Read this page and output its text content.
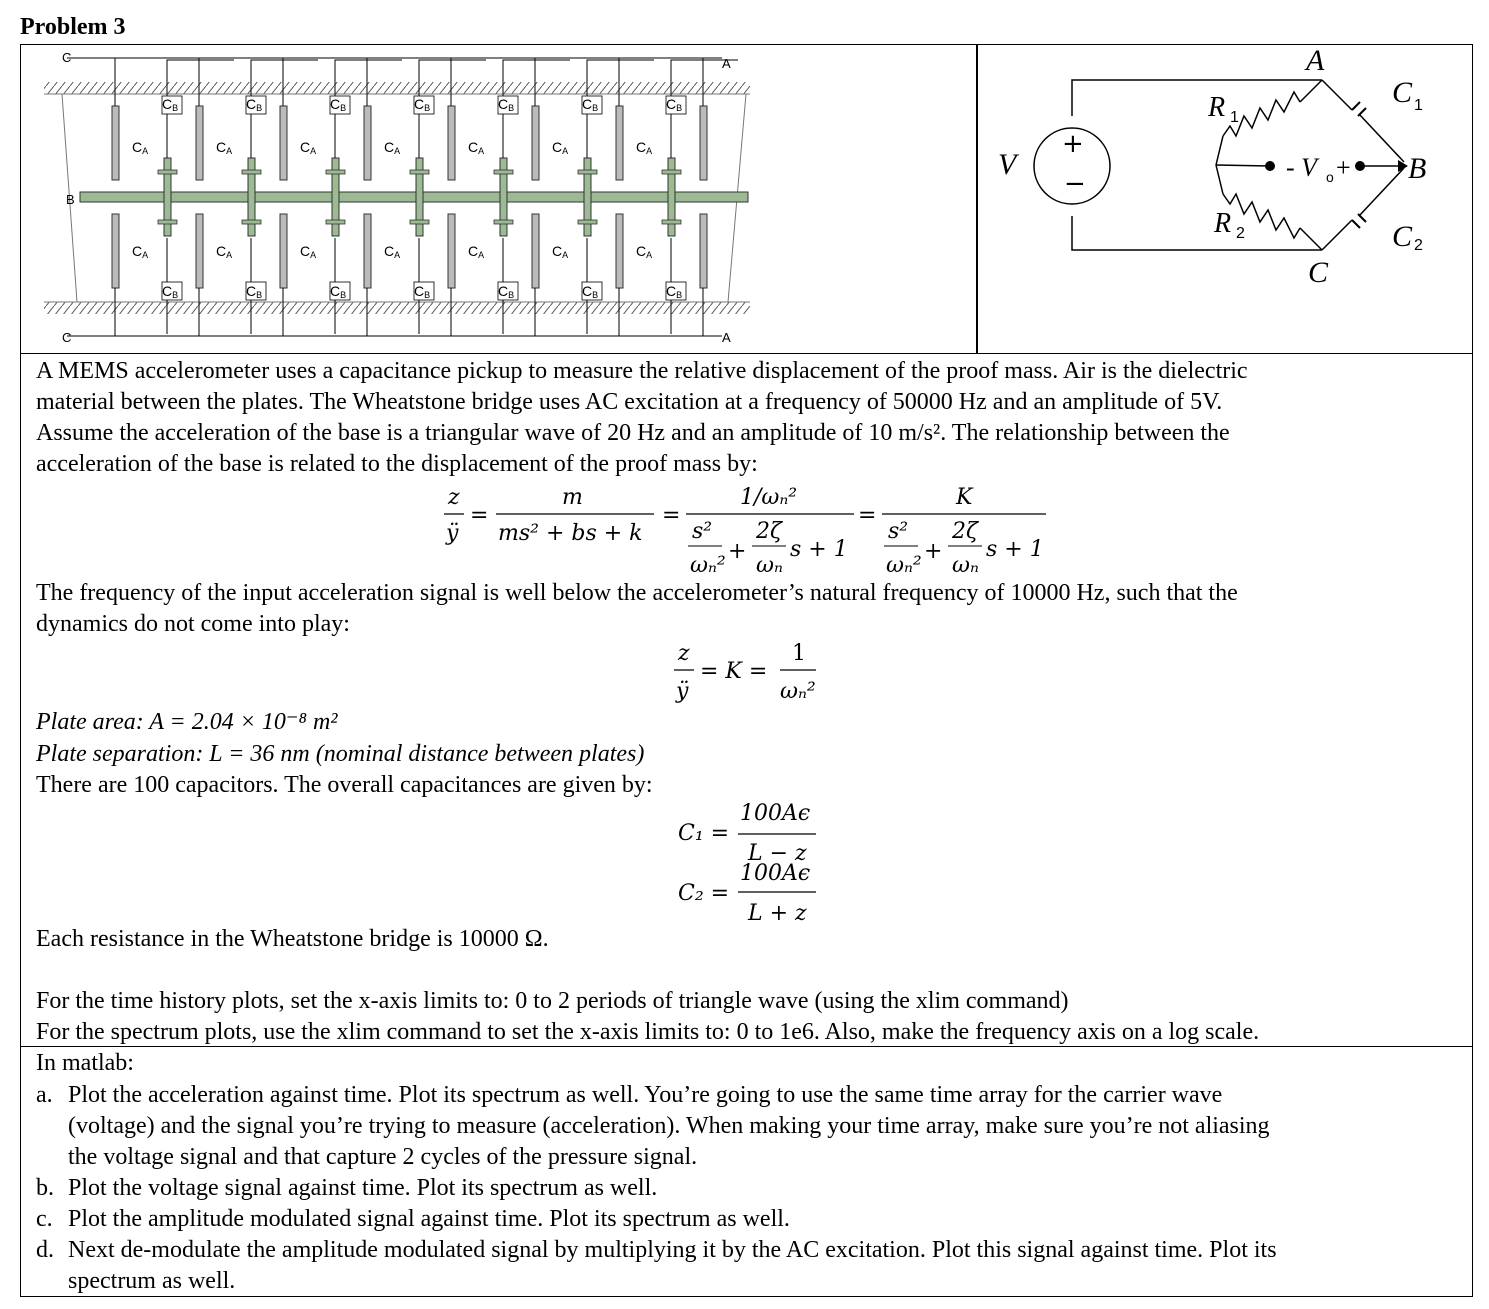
Problem 3
CB
CB
CA
CA
CB
CB
CA
CA
CB
CB
CA
CA
CB
CB
CA
CA
CB
CB
CA
CA
CB
CB
CA
CA
CB
CB
CA
CA
C	A
B
C	A
+
−
V
A
B
C
R 1
R 2
C 1
C 2
- V o +
A MEMS accelerometer uses a capacitance pickup to measure the relative displacement of the proof mass. Air is the dielectric
material between the plates. The Wheatstone bridge uses AC excitation at a frequency of 50000 Hz and an amplitude of 5V.
Assume the acceleration of the base is a triangular wave of 20 Hz and an amplitude of 10 m/s². The relationship between the
acceleration of the base is related to the displacement of the proof mass by:
z
ÿ
=
m
ms² + bs + k
=
1/ωₙ²
s²
ωₙ²
+
2ζ
ωₙ
s + 1
=
K
s²
ωₙ²
+
2ζ
ωₙ
s + 1
The frequency of the input acceleration signal is well below the accelerometer’s natural frequency of 10000 Hz, such that the
dynamics do not come into play:
z
ÿ
= K =
1
ωₙ²
Plate area: A = 2.04 × 10⁻⁸ m²
Plate separation: L = 36 nm (nominal distance between plates)
There are 100 capacitors. The overall capacitances are given by:
C₁ =
100Aϵ
L − z
C₂ =
100Aϵ
L + z
Each resistance in the Wheatstone bridge is 10000 Ω.
For the time history plots, set the x-axis limits to: 0 to 2 periods of triangle wave (using the xlim command)
For the spectrum plots, use the xlim command to set the x-axis limits to: 0 to 1e6. Also, make the frequency axis on a log scale.
In matlab:
a. Plot the acceleration against time. Plot its spectrum as well. You’re going to use the same time array for the carrier wave
(voltage) and the signal you’re trying to measure (acceleration). When making your time array, make sure you’re not aliasing
the voltage signal and that capture 2 cycles of the pressure signal.
b. Plot the voltage signal against time. Plot its spectrum as well.
c. Plot the amplitude modulated signal against time. Plot its spectrum as well.
d. Next de-modulate the amplitude modulated signal by multiplying it by the AC excitation. Plot this signal against time. Plot its
spectrum as well.
